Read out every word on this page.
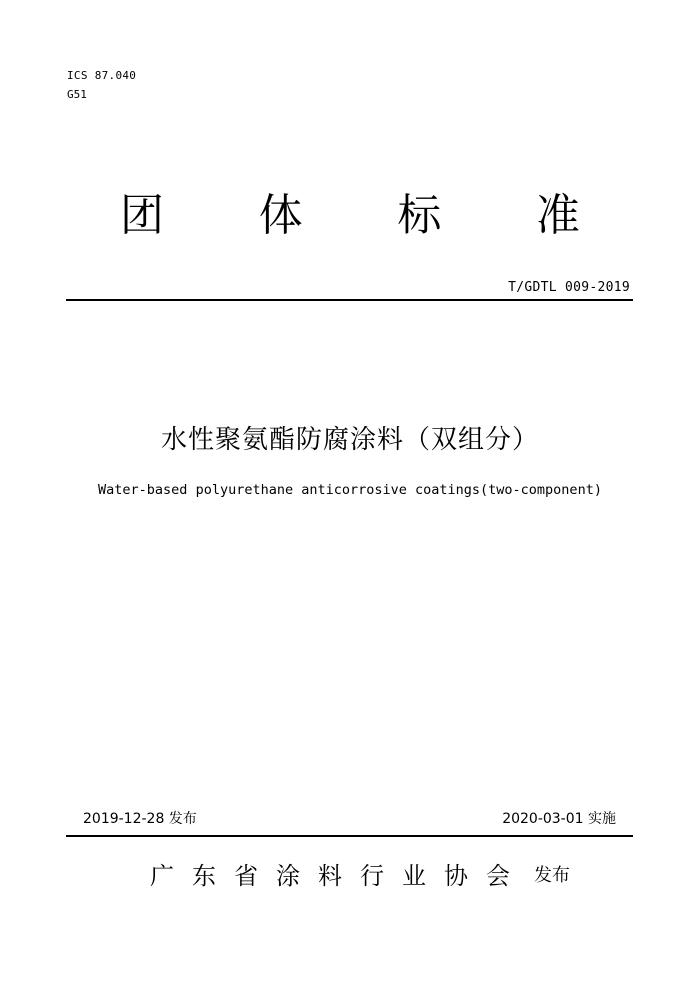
ICS 87.040
G51
团 体 标 准
T/GDTL 009-2019
水性聚氨酯防腐涂料（双组分）
Water-based polyurethane anticorrosive coatings(two-component)
2019-12-28 发布	2020-03-01 实施
广 东 省 涂 料 行 业 协 会 发布
